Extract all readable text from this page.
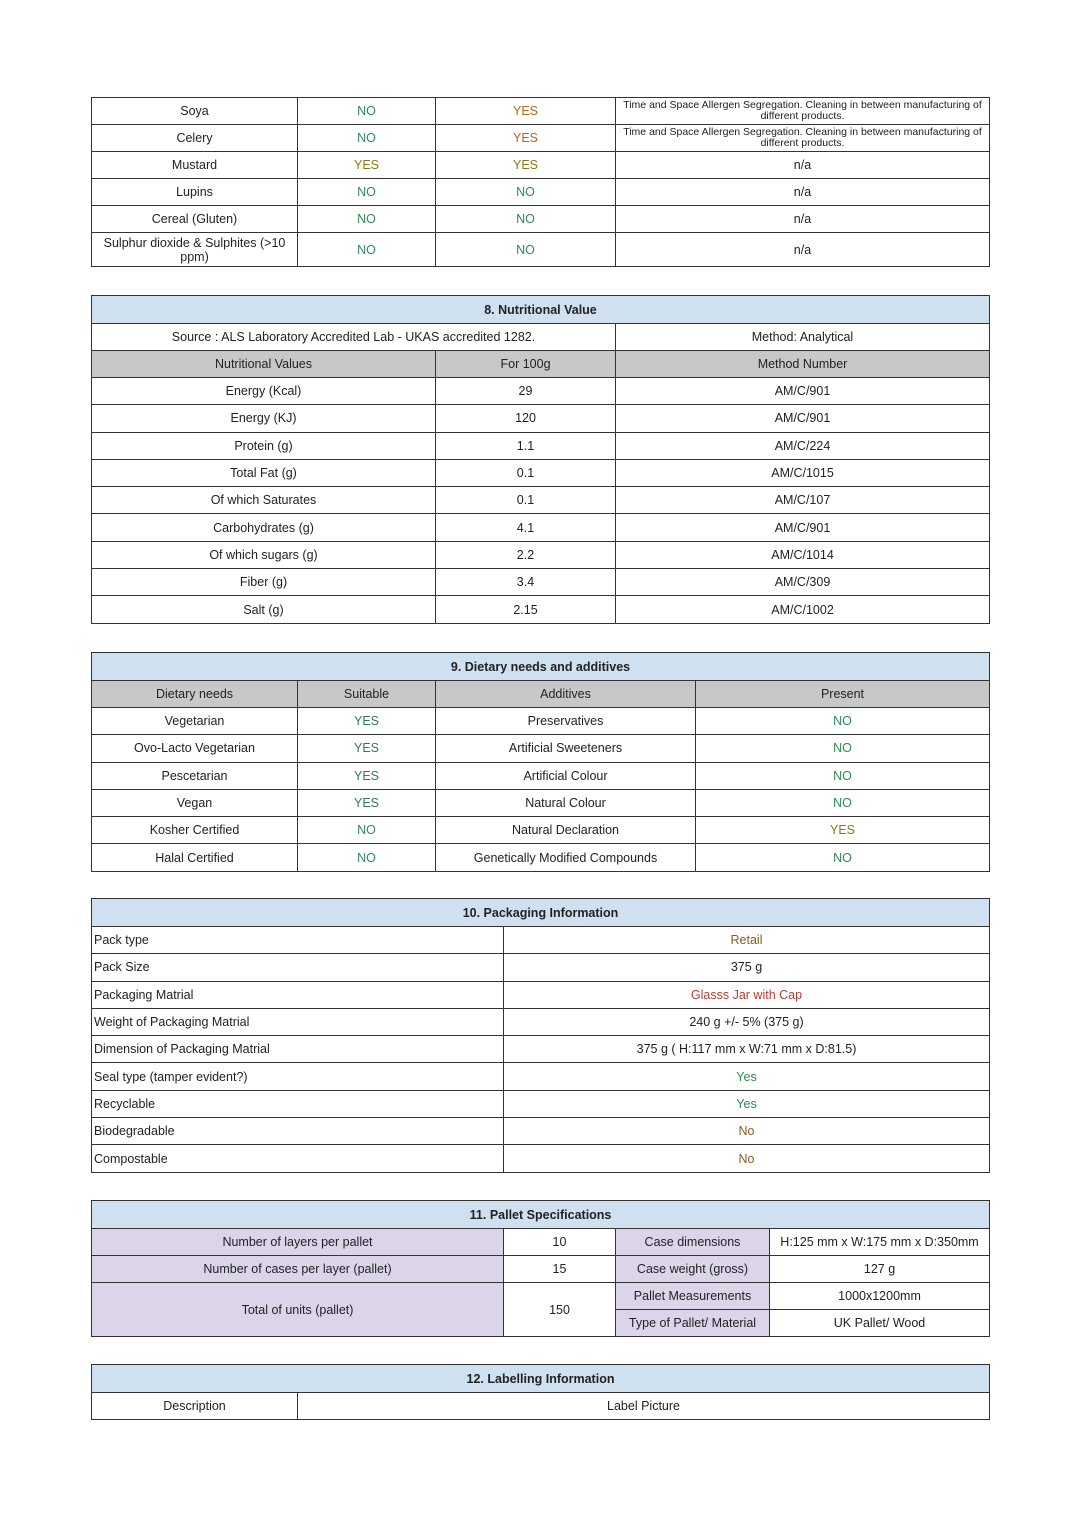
Soya	NO	YES	Time and Space Allergen Segregation. Cleaning in between manufacturing of different products.
Celery	NO	YES	Time and Space Allergen Segregation. Cleaning in between manufacturing of different products.
Mustard	YES	YES	n/a
Lupins	NO	NO	n/a
Cereal (Gluten)	NO	NO	n/a
Sulphur dioxide & Sulphites (>10 ppm)	NO	NO	n/a
8. Nutritional Value		
Source : ALS Laboratory Accredited Lab - UKAS accredited 1282.		Method: Analytical
Nutritional Values	For 100g	Method Number
Energy (Kcal)	29	AM/C/901
Energy (KJ)	120	AM/C/901
Protein (g)	1.1	AM/C/224
Total Fat (g)	0.1	AM/C/1015
Of which Saturates	0.1	AM/C/107
Carbohydrates (g)	4.1	AM/C/901
Of which sugars (g)	2.2	AM/C/1014
Fiber (g)	3.4	AM/C/309
Salt (g)	2.15	AM/C/1002
9. Dietary needs and additives			
Dietary needs	Suitable	Additives	Present
Vegetarian	YES	Preservatives	NO
Ovo-Lacto Vegetarian	YES	Artificial Sweeteners	NO
Pescetarian	YES	Artificial Colour	NO
Vegan	YES	Natural Colour	NO
Kosher Certified	NO	Natural Declaration	YES
Halal Certified	NO	Genetically Modified Compounds	NO
10. Packaging Information	
Pack type	Retail
Pack Size	375 g
Packaging Matrial	Glasss Jar with Cap
Weight of Packaging Matrial	240 g +/- 5% (375 g)
Dimension of Packaging Matrial	375 g ( H:117 mm x W:71 mm x D:81.5)
Seal type (tamper evident?)	Yes
Recyclable	Yes
Biodegradable	No
Compostable	No
11. Pallet Specifications			
Number of layers per pallet	10	Case dimensions	H:125 mm x W:175 mm x D:350mm
Number of cases per layer (pallet)	15	Case weight (gross)	127 g
Total of units (pallet)	150	Pallet Measurements	1000x1200mm
		Type of Pallet/ Material	UK Pallet/ Wood
12. Labelling Information
Description	Label Picture
